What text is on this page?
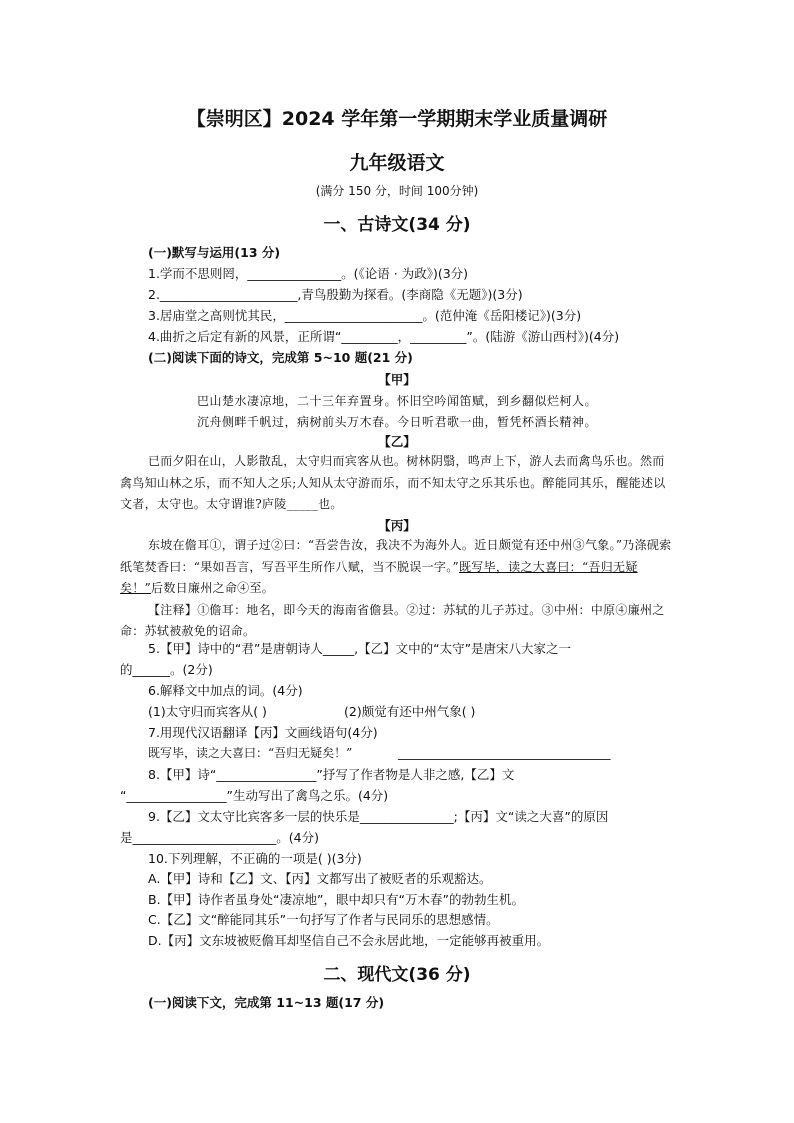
【崇明区】2024 学年第一学期期末学业质量调研
九年级语文
(满分 150 分，时间 100分钟)
一、古诗文(34 分)
(一)默写与运用(13 分)
1.学而不思则罔，_______________。(《论语 · 为政》)(3分)
2.______________________,青鸟殷勤为探看。(李商隐《无题》)(3分)
3.居庙堂之高则忧其民，______________________。(范仲淹《岳阳楼记》)(3分)
4.曲折之后定有新的风景，正所谓“_________，_________”。(陆游《游山西村》)(4分)
(二)阅读下面的诗文，完成第 5~10 题(21 分)
【甲】
巴山楚水凄凉地，二十三年弃置身。怀旧空吟闻笛赋，到乡翻似烂柯人。
沉舟侧畔千帆过，病树前头万木春。今日听君歌一曲，暂凭杯酒长精神。
【乙】

已而夕阳在山，人影散乱，太守归而宾客从也。树林阴翳，鸣声上下，游人去而禽鸟乐也。然而禽鸟知山林之乐，而不知人之乐;人知从太守游而乐，而不知太守之乐其乐也。醉能同其乐，醒能述以文者，太守也。太守谓谁?庐陵_____也。

【丙】

东坡在儋耳①，谓子过②曰：“吾尝告汝，我决不为海外人。近日颇觉有还中州③气象。”乃涤砚索纸笔焚香曰：“果如吾言，写吾平生所作八赋，当不脱误一字。”既写毕，读之大喜曰：“吾归无疑矣！”后数日廉州之命④至。

【注释】①儋耳：地名，即今天的海南省儋县。②过：苏轼的儿子苏过。③中州：中原④廉州之命：苏轼被赦免的诏命。

5.【甲】诗中的“君”是唐朝诗人_____,【乙】文中的“太守”是唐宋八大家之一
的______。(2分)
6.解释文中加点的词。(4分)
(1)太守归而宾客从( )	(2)颇觉有还中州气象( )
7.用现代汉语翻译【丙】文画线语句(4分)
既写毕，读之大喜曰：“吾归无疑矣！”	__________________________________
8.【甲】诗“________________”抒写了作者物是人非之感,【乙】文
“________________”生动写出了禽鸟之乐。(4分)
9.【乙】文太守比宾客多一层的快乐是_______________;【丙】文“读之大喜”的原因
是_______________________。(4分)
10.下列理解，不正确的一项是( )(3分)
A.【甲】诗和【乙】文、【丙】文都写出了被贬者的乐观豁达。
B.【甲】诗作者虽身处“凄凉地”，眼中却只有“万木春”的勃勃生机。
C.【乙】文“醉能同其乐”一句抒写了作者与民同乐的思想感情。
D.【丙】文东坡被贬儋耳却坚信自己不会永居此地，一定能够再被重用。
二、现代文(36 分)
(一)阅读下文，完成第 11~13 题(17 分)
